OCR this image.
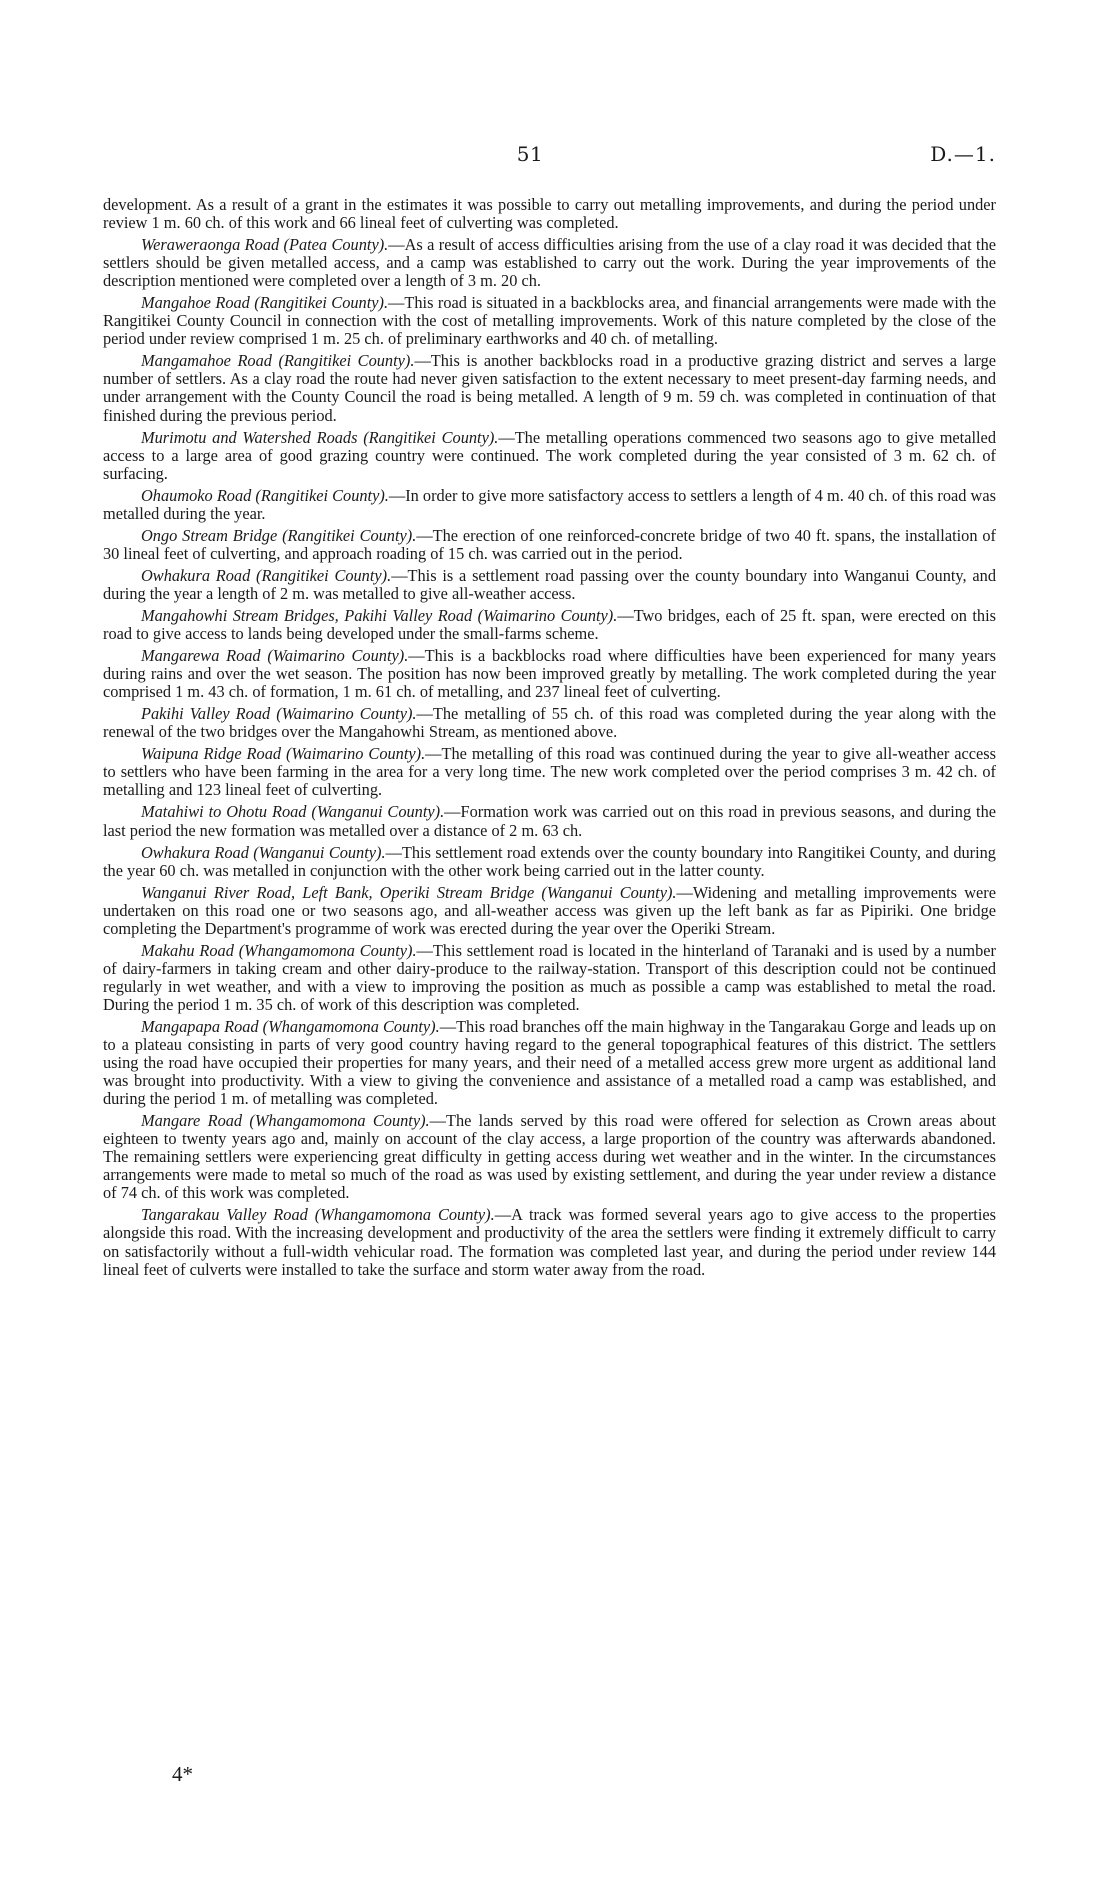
51	D.—1.

development. As a result of a grant in the estimates it was possible to carry out metalling improvements, and during the period under review 1 m. 60 ch. of this work and 66 lineal feet of culverting was completed.

Weraweraonga Road (Patea County).—As a result of access difficulties arising from the use of a clay road it was decided that the settlers should be given metalled access, and a camp was established to carry out the work. During the year improvements of the description mentioned were completed over a length of 3 m. 20 ch.

Mangahoe Road (Rangitikei County).—This road is situated in a backblocks area, and financial arrangements were made with the Rangitikei County Council in connection with the cost of metalling improvements. Work of this nature completed by the close of the period under review comprised 1 m. 25 ch. of preliminary earthworks and 40 ch. of metalling.

Mangamahoe Road (Rangitikei County).—This is another backblocks road in a productive grazing district and serves a large number of settlers. As a clay road the route had never given satisfaction to the extent necessary to meet present-day farming needs, and under arrangement with the County Council the road is being metalled. A length of 9 m. 59 ch. was completed in continuation of that finished during the previous period.

Murimotu and Watershed Roads (Rangitikei County).—The metalling operations commenced two seasons ago to give metalled access to a large area of good grazing country were continued. The work completed during the year consisted of 3 m. 62 ch. of surfacing.

Ohaumoko Road (Rangitikei County).—In order to give more satisfactory access to settlers a length of 4 m. 40 ch. of this road was metalled during the year.

Ongo Stream Bridge (Rangitikei County).—The erection of one reinforced-concrete bridge of two 40 ft. spans, the installation of 30 lineal feet of culverting, and approach roading of 15 ch. was carried out in the period.

Owhakura Road (Rangitikei County).—This is a settlement road passing over the county boundary into Wanganui County, and during the year a length of 2 m. was metalled to give all-weather access.

Mangahowhi Stream Bridges, Pakihi Valley Road (Waimarino County).—Two bridges, each of 25 ft. span, were erected on this road to give access to lands being developed under the small-farms scheme.

Mangarewa Road (Waimarino County).—This is a backblocks road where difficulties have been experienced for many years during rains and over the wet season. The position has now been improved greatly by metalling. The work completed during the year comprised 1 m. 43 ch. of formation, 1 m. 61 ch. of metalling, and 237 lineal feet of culverting.

Pakihi Valley Road (Waimarino County).—The metalling of 55 ch. of this road was completed during the year along with the renewal of the two bridges over the Mangahowhi Stream, as mentioned above.

Waipuna Ridge Road (Waimarino County).—The metalling of this road was continued during the year to give all-weather access to settlers who have been farming in the area for a very long time. The new work completed over the period comprises 3 m. 42 ch. of metalling and 123 lineal feet of culverting.

Matahiwi to Ohotu Road (Wanganui County).—Formation work was carried out on this road in previous seasons, and during the last period the new formation was metalled over a distance of 2 m. 63 ch.

Owhakura Road (Wanganui County).—This settlement road extends over the county boundary into Rangitikei County, and during the year 60 ch. was metalled in conjunction with the other work being carried out in the latter county.

Wanganui River Road, Left Bank, Operiki Stream Bridge (Wanganui County).—Widening and metalling improvements were undertaken on this road one or two seasons ago, and all-weather access was given up the left bank as far as Pipiriki. One bridge completing the Department's programme of work was erected during the year over the Operiki Stream.

Makahu Road (Whangamomona County).—This settlement road is located in the hinterland of Taranaki and is used by a number of dairy-farmers in taking cream and other dairy-produce to the railway-station. Transport of this description could not be continued regularly in wet weather, and with a view to improving the position as much as possible a camp was established to metal the road. During the period 1 m. 35 ch. of work of this description was completed.

Mangapapa Road (Whangamomona County).—This road branches off the main highway in the Tangarakau Gorge and leads up on to a plateau consisting in parts of very good country having regard to the general topographical features of this district. The settlers using the road have occupied their properties for many years, and their need of a metalled access grew more urgent as additional land was brought into productivity. With a view to giving the convenience and assistance of a metalled road a camp was established, and during the period 1 m. of metalling was completed.

Mangare Road (Whangamomona County).—The lands served by this road were offered for selection as Crown areas about eighteen to twenty years ago and, mainly on account of the clay access, a large proportion of the country was afterwards abandoned. The remaining settlers were experiencing great difficulty in getting access during wet weather and in the winter. In the circumstances arrangements were made to metal so much of the road as was used by existing settlement, and during the year under review a distance of 74 ch. of this work was completed.

Tangarakau Valley Road (Whangamomona County).—A track was formed several years ago to give access to the properties alongside this road. With the increasing development and productivity of the area the settlers were finding it extremely difficult to carry on satisfactorily without a full-width vehicular road. The formation was completed last year, and during the period under review 144 lineal feet of culverts were installed to take the surface and storm water away from the road.

4*
